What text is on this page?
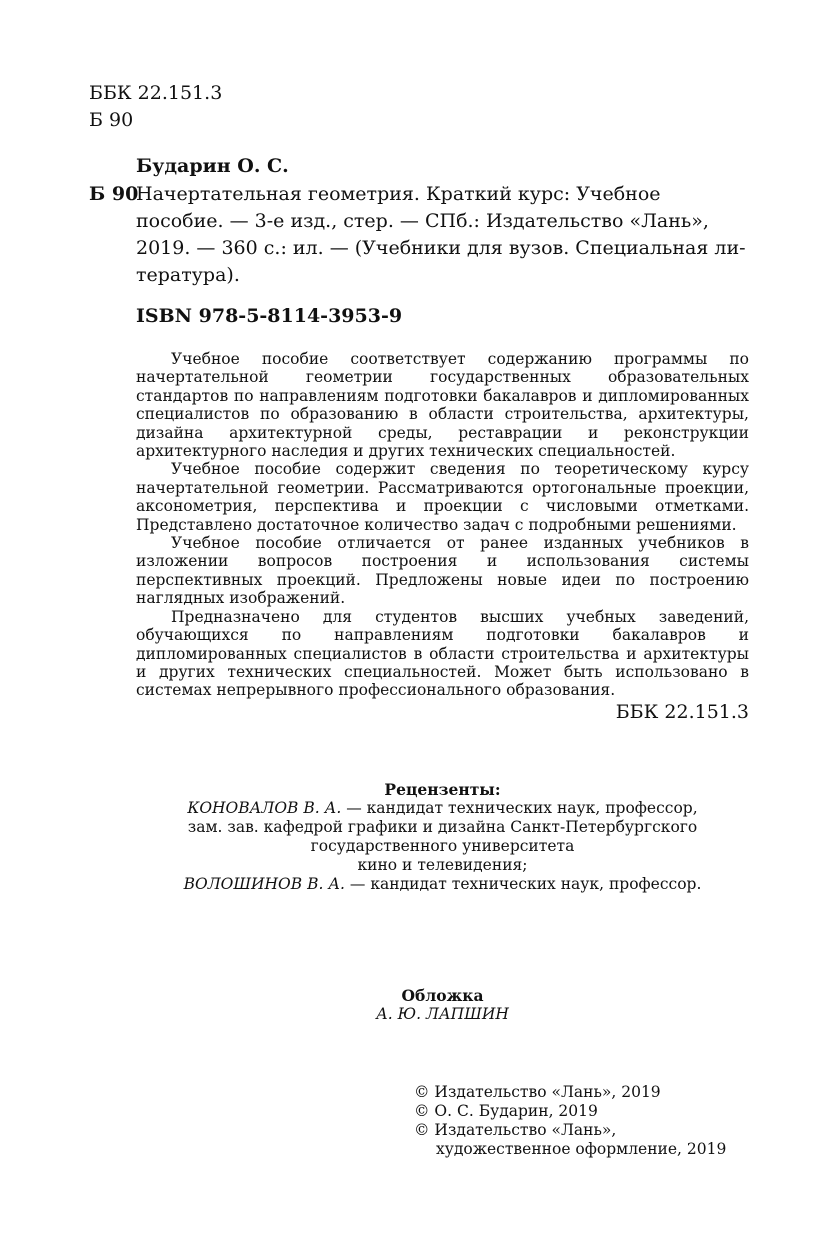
ББК 22.151.3
Б 90
Бударин О. С.
Б 90

Начертательная геометрия. Краткий курс: Учебное

пособие. — 3-е изд., стер. — СПб.: Издательство «Лань»,

2019. — 360 с.: ил. — (Учебники для вузов. Специальная ли-

тература).

ISBN 978-5-8114-3953-9

Учебное пособие соответствует содержанию программы по начертательной геометрии государственных образовательных стандартов по направлениям подготовки бакалавров и дипломированных специалистов по образованию в области строительства, архитектуры, дизайна архитектурной среды, реставрации и реконструкции архитектурного наследия и других технических специальностей.

Учебное пособие содержит сведения по теоретическому курсу начертательной геометрии. Рассматриваются ортогональные проекции, аксонометрия, перспектива и проекции с числовыми отметками. Представлено достаточное количество задач с подробными решениями.

Учебное пособие отличается от ранее изданных учебников в изложении вопросов построения и использования системы перспективных проекций. Предложены новые идеи по построению наглядных изображений.

Предназначено для студентов высших учебных заведений, обучающихся по направлениям подготовки бакалавров и дипломированных специалистов в области строительства и архитектуры и других технических специальностей. Может быть использовано в системах непрерывного профессионального образования.

ББК 22.151.3
Рецензенты:
КОНОВАЛОВ В. А. — кандидат технических наук, профессор,
зам. зав. кафедрой графики и дизайна Санкт-Петербургского
государственного университета
кино и телевидения;
ВОЛОШИНОВ В. А. — кандидат технических наук, профессор.
Обложка
А. Ю. ЛАПШИН
© Издательство «Лань», 2019
© О. С. Бударин, 2019
© Издательство «Лань»,
художественное оформление, 2019
